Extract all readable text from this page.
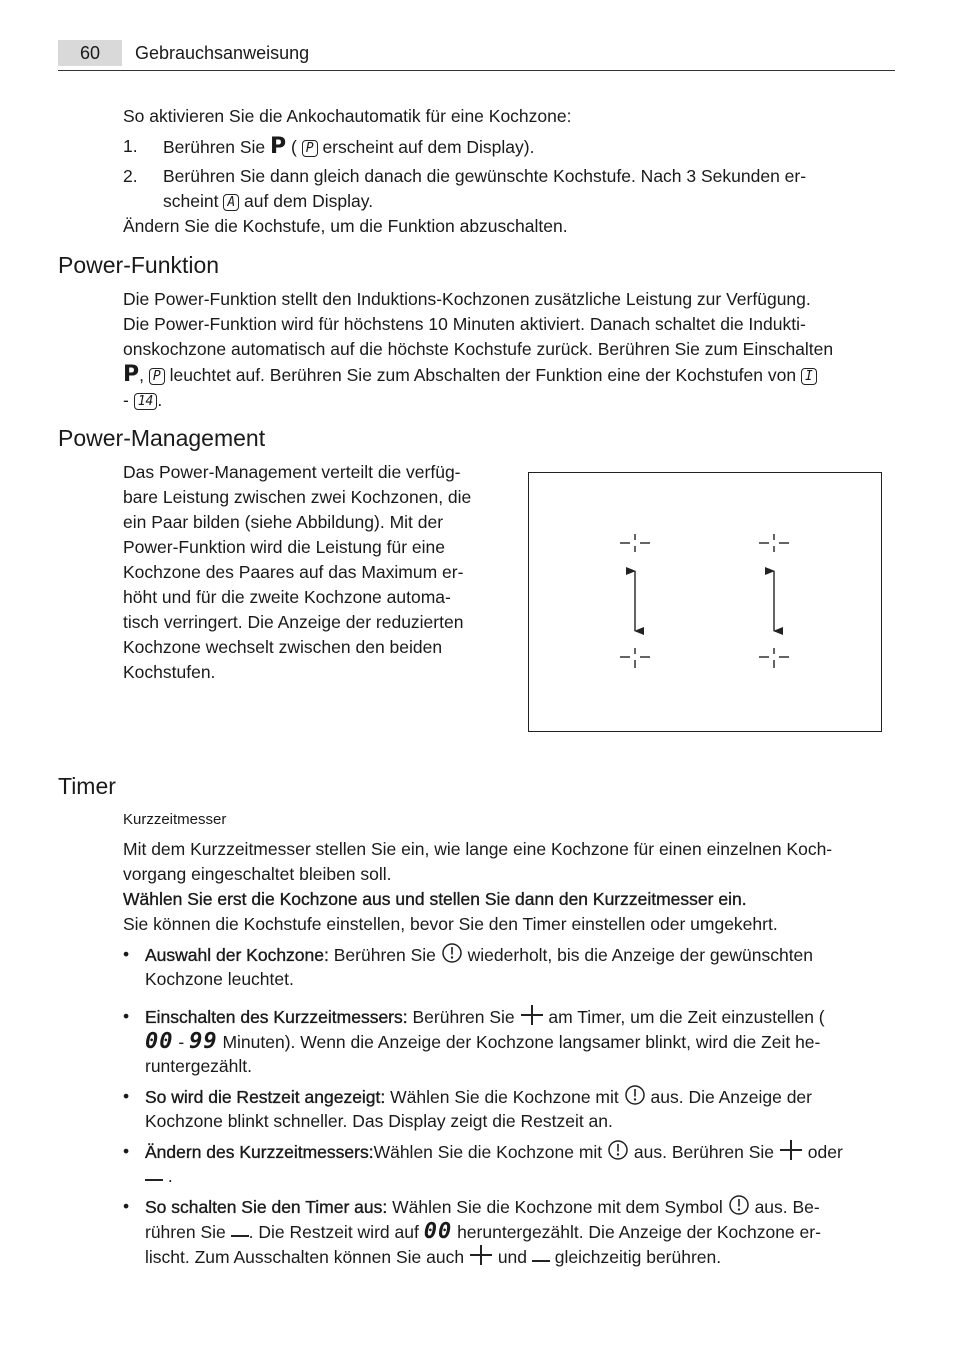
60	Gebrauchsanweisung
So aktivieren Sie die Ankochautomatik für eine Kochzone:
1. Berühren Sie P ( P erscheint auf dem Display).
2. Berühren Sie dann gleich danach die gewünschte Kochstufe. Nach 3 Sekunden er-
scheint A auf dem Display.
Ändern Sie die Kochstufe, um die Funktion abzuschalten.
Power-Funktion
Die Power-Funktion stellt den Induktions-Kochzonen zusätzliche Leistung zur Verfügung.
Die Power-Funktion wird für höchstens 10 Minuten aktiviert. Danach schaltet die Indukti-
onskochzone automatisch auf die höchste Kochstufe zurück. Berühren Sie zum Einschalten
P, P leuchtet auf. Berühren Sie zum Abschalten der Funktion eine der Kochstufen von I
- 14 .
Power-Management
Das Power-Management verteilt die verfüg-
bare Leistung zwischen zwei Kochzonen, die
ein Paar bilden (siehe Abbildung). Mit der
Power-Funktion wird die Leistung für eine
Kochzone des Paares auf das Maximum er-
höht und für die zweite Kochzone automa-
tisch verringert. Die Anzeige der reduzierten
Kochzone wechselt zwischen den beiden
Kochstufen.
Timer
Kurzzeitmesser
Mit dem Kurzzeitmesser stellen Sie ein, wie lange eine Kochzone für einen einzelnen Koch-
vorgang eingeschaltet bleiben soll.
Wählen Sie erst die Kochzone aus und stellen Sie dann den Kurzzeitmesser ein.
Sie können die Kochstufe einstellen, bevor Sie den Timer einstellen oder umgekehrt.
• Auswahl der Kochzone: Berühren Sie wiederholt, bis die Anzeige der gewünschten
Kochzone leuchtet.
• Einschalten des Kurzzeitmessers: Berühren Sie am Timer, um die Zeit einzustellen (
00 - 99 Minuten). Wenn die Anzeige der Kochzone langsamer blinkt, wird die Zeit he-
runtergezählt.
• So wird die Restzeit angezeigt: Wählen Sie die Kochzone mit aus. Die Anzeige der
Kochzone blinkt schneller. Das Display zeigt die Restzeit an.
• Ändern des Kurzzeitmessers:Wählen Sie die Kochzone mit aus. Berühren Sie oder
.
• So schalten Sie den Timer aus: Wählen Sie die Kochzone mit dem Symbol aus. Be-
rühren Sie . Die Restzeit wird auf 00 heruntergezählt. Die Anzeige der Kochzone er-
lischt. Zum Ausschalten können Sie auch und gleichzeitig berühren.
